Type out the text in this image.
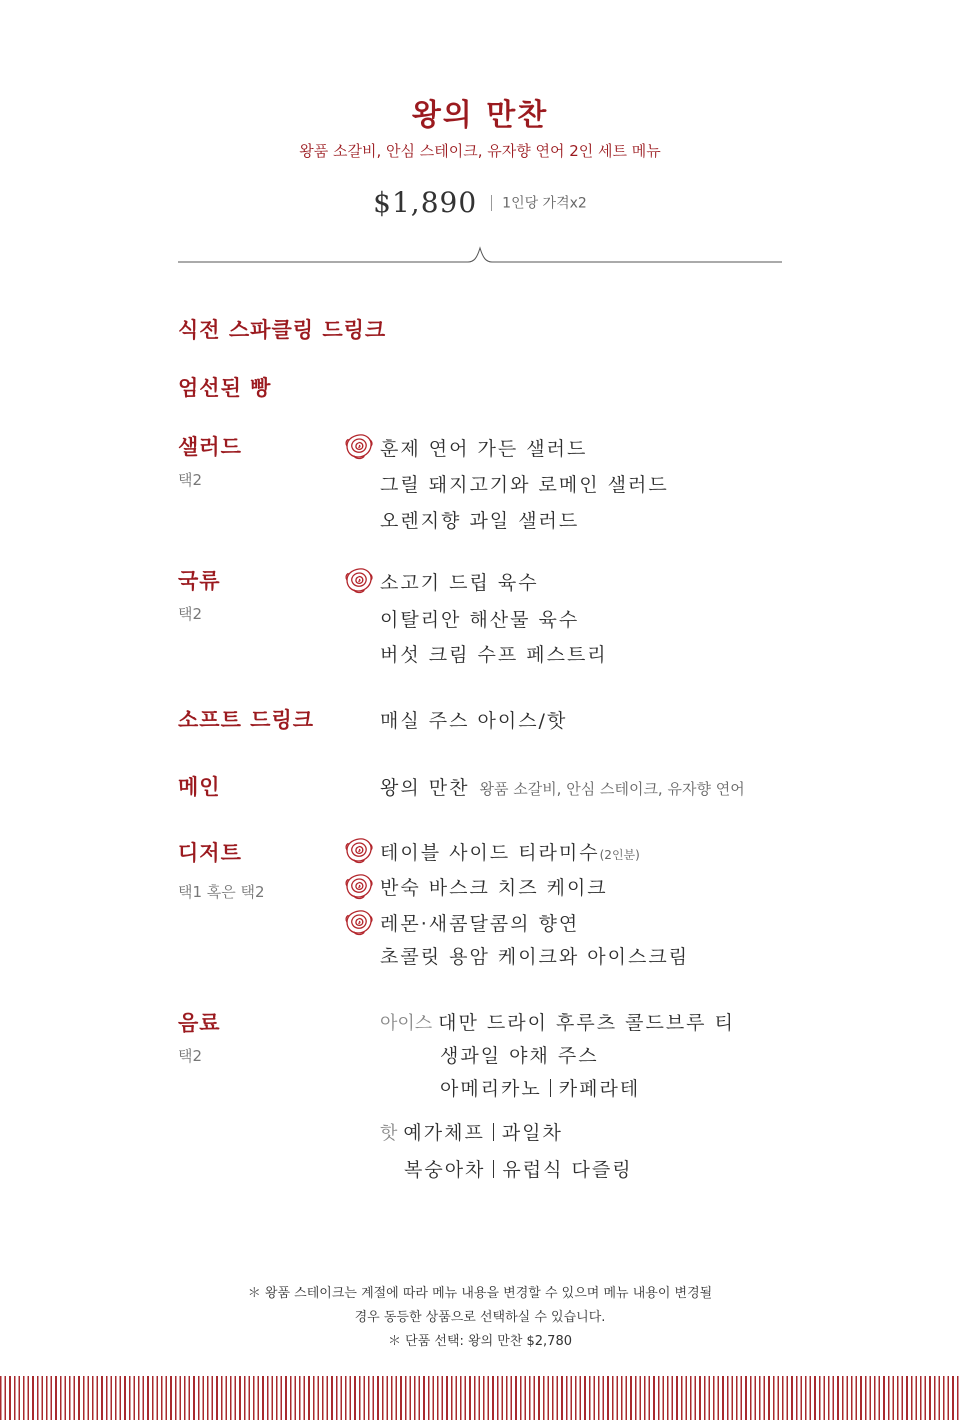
왕의 만찬
왕품 소갈비, 안심 스테이크, 유자향 연어 2인 세트 메뉴
$1,890 1인당 가격x2
식전 스파클링 드링크
엄선된 빵
샐러드
택2
훈제 연어 가든 샐러드
그릴 돼지고기와 로메인 샐러드
오렌지향 과일 샐러드
국류
택2
소고기 드립 육수
이탈리안 해산물 육수
버섯 크림 수프 페스트리
소프트 드링크	매실 주스 아이스/핫
메인	왕의 만찬 왕품 소갈비, 안심 스테이크, 유자향 연어
디저트
택1 혹은 택2
테이블 사이드 티라미수(2인분)
반숙 바스크 치즈 케이크
레몬·새콤달콤의 향연
초콜릿 용암 케이크와 아이스크림
음료
택2
아이스 대만 드라이 후루츠 콜드브루 티
생과일 야채 주스
아메리카노 카페라테
핫 예가체프 과일차
복숭아차 유럽식 다즐링
＊ 왕품 스테이크는 계절에 따라 메뉴 내용을 변경할 수 있으며 메뉴 내용이 변경될
경우 동등한 상품으로 선택하실 수 있습니다.
＊ 단품 선택: 왕의 만찬 $2,780
